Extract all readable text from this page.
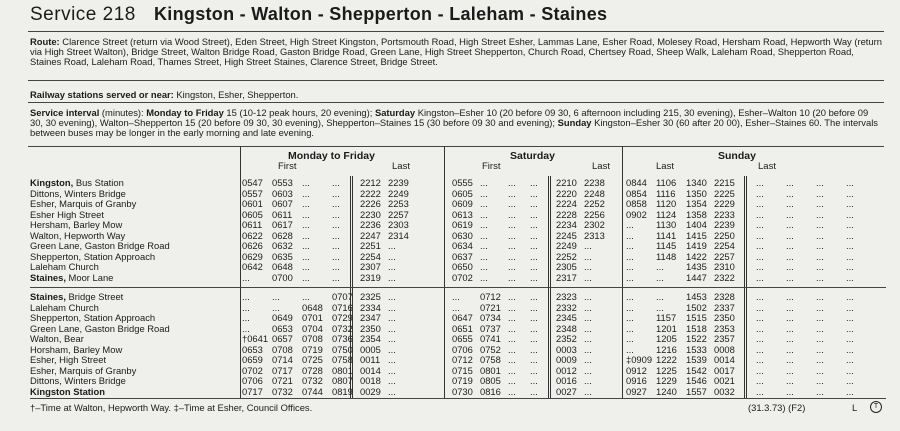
Service 218 Kingston - Walton - Shepperton - Laleham - Staines

Route: Clarence Street (return via Wood Street), Eden Street, High Street Kingston, Portsmouth Road, High Street Esher, Lammas Lane, Esher Road, Molesey Road, Hersham Road, Hepworth Way (return via High Street Walton), Bridge Street, Walton Bridge Road, Gaston Bridge Road, Green Lane, High Street Shepperton, Church Road, Chertsey Road, Sheep Walk, Laleham Road, Shepperton Road, Staines Road, Laleham Road, Thames Street, High Street Staines, Clarence Street, Bridge Street.

Railway stations served or near: Kingston, Esher, Shepperton.

Service interval (minutes): Monday to Friday 15 (10-12 peak hours, 20 evening); Saturday Kingston–Esher 10 (20 before 09 30, 6 afternoon including 215, 30 evening), Esher–Walton 10 (20 before 09 30, 30 evening), Walton–Shepperton 15 (20 before 09 30, 30 evening), Shepperton–Staines 15 (30 before 09 30 and evening); Sunday Kingston–Esher 30 (60 after 20 00), Esher–Staines 60. The intervals between buses may be longer in the early morning and late evening.

Monday to Friday	Saturday	Sunday
First	Last	First	Last	Last	Last
Kingston, Bus Station	0547 0553 ... ... 2212 2239	0555 ... ... ... 2210 2238 0844 1106 1340 2215 ... ... ... ...
Dittons, Winters Bridge	0557 0603 ... ... 2222 2249	0605 ... ... ... 2220 2248 0854 1116 1350 2225 ... ... ... ...
Esher, Marquis of Granby	0601 0607 ... ... 2226 2253	0609 ... ... ... 2224 2252 0858 1120 1354 2229 ... ... ... ...
Esher High Street	0605 0611 ... ... 2230 2257	0613 ... ... ... 2228 2256 0902 1124 1358 2233 ... ... ... ...
Hersham, Barley Mow	0611 0617 ... ... 2236 2303	0619 ... ... ... 2234 2302 ... 1130 1404 2239 ... ... ... ...
Walton, Hepworth Way	0622 0628 ... ... 2247 2314	0630 ... ... ... 2245 2313 ... 1141 1415 2250 ... ... ... ...
Green Lane, Gaston Bridge Road	0626 0632 ... ... 2251 ...	0634 ... ... ... 2249 ...	... 1145 1419 2254 ... ... ... ...
Shepperton, Station Approach	0629 0635 ... ... 2254 ...	0637 ... ... ... 2252 ...	... 1148 1422 2257 ... ... ... ...
Laleham Church	0642 0648 ... ... 2307 ...	0650 ... ... ... 2305 ...	... ... 1435 2310 ... ... ... ...
Staines, Moor Lane	... 0700 ... ... 2319 ...	0702 ... ... ... 2317 ...	... ... 1447 2322 ... ... ... ...
Staines, Bridge Street	... ... ... 0707 2325 ...	... 0712 ... ... 2323 ...	... ... 1453 2328 ... ... ... ...
Laleham Church	... ... 0648 0716 2334 ...	... 0721 ... ... 2332 ...	... ... 1502 2337 ... ... ... ...
Shepperton, Station Approach	... 0649 0701 0729 2347 ...	0647 0734 ... ... 2345 ...	... 1157 1515 2350 ... ... ... ...
Green Lane, Gaston Bridge Road	... 0653 0704 0732 2350 ...	0651 0737 ... ... 2348 ...	... 1201 1518 2353 ... ... ... ...
Walton, Bear	†0641 0657 0708 0736 2354 ...	0655 0741 ... ... 2352 ...	... 1205 1522 2357 ... ... ... ...
Horsham, Barley Mow	0653 0708 0719 0750 0005 ...	0706 0752 ... ... 0003 ...	... 1216 1533 0008 ... ... ... ...
Esher, High Street	0659 0714 0725 0758 0011 ...	0712 0758 ... ... 0009 ...	‡0909 1222 1539 0014 ... ... ... ...
Esher, Marquis of Granby	0702 0717 0728 0801 0014 ...	0715 0801 ... ... 0012 ...	0912 1225 1542 0017 ... ... ... ...
Dittons, Winters Bridge	0706 0721 0732 0807 0018 ...	0719 0805 ... ... 0016 ...	0916 1229 1546 0021 ... ... ... ...
Kingston Station	0717 0732 0744 0819 0029 ...	0730 0816 ... ... 0027 ...	0927 1240 1557 0032 ... ... ... ...
†–Time at Walton, Hepworth Way. ‡–Time at Esher, Council Offices.	(31.3.73) (F2)	L	T
